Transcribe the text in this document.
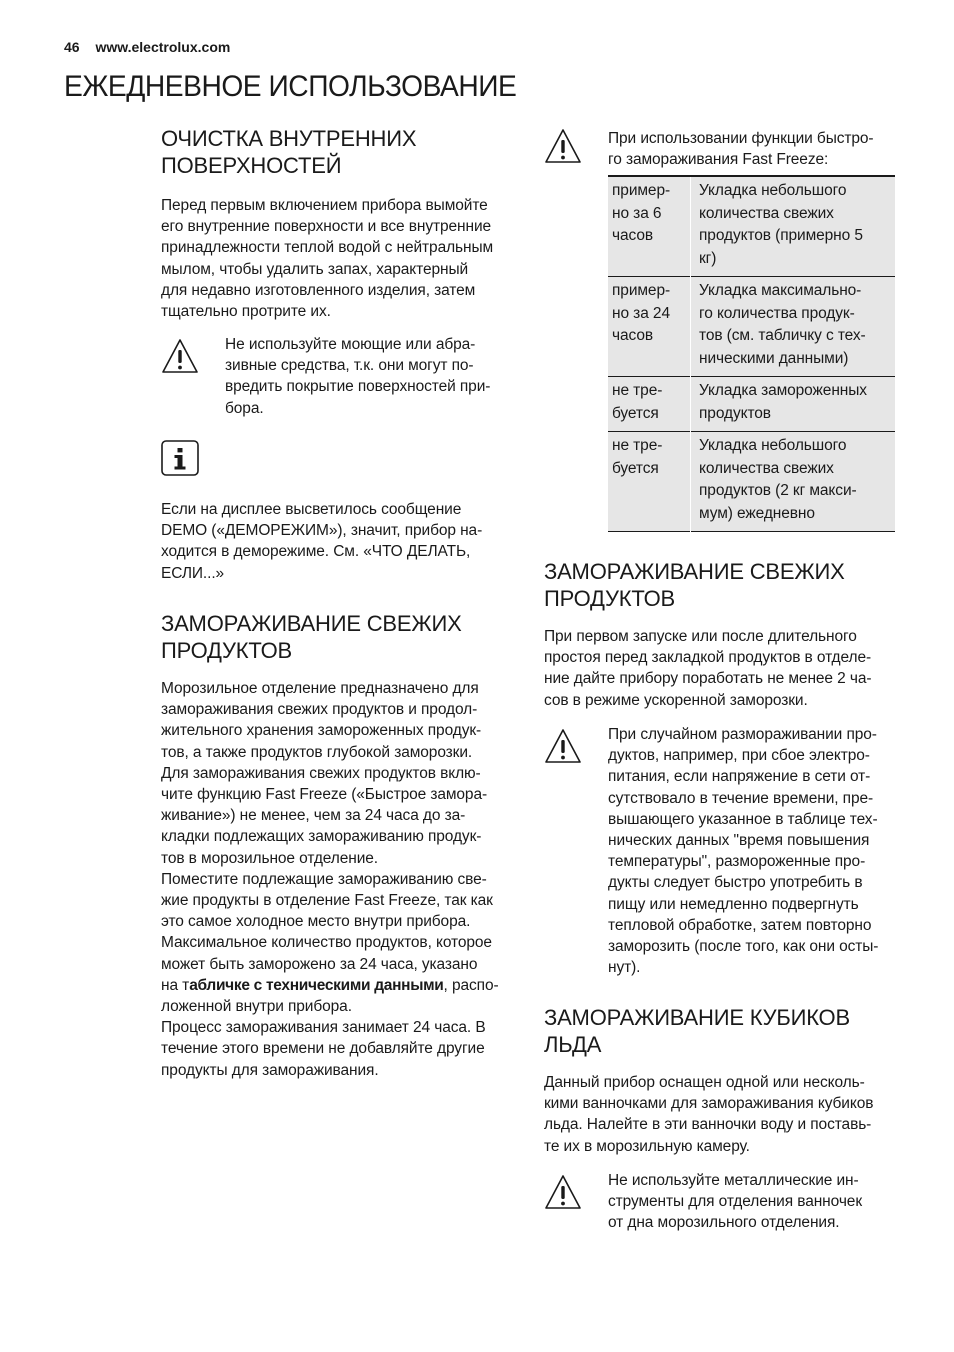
46 www.electrolux.com
ЕЖЕДНЕВНОЕ ИСПОЛЬЗОВАНИЕ
ОЧИСТКА ВНУТРЕННИХ
ПОВЕРХНОСТЕЙ

Перед первым включением прибора вымойте
его внутренние поверхности и все внутренние
принадлежности теплой водой с нейтральным
мылом, чтобы удалить запах, характерный
для недавно изготовленного изделия, затем
тщательно протрите их.

Не используйте моющие или абра-
зивные средства, т.к. они могут по-
вредить покрытие поверхностей при-
бора.

Если на дисплее высветилось сообщение
DEMO («ДЕМОРЕЖИМ»), значит, прибор на-
ходится в деморежиме. См. «ЧТО ДЕЛАТЬ,
ЕСЛИ...»

ЗАМОРАЖИВАНИЕ СВЕЖИХ
ПРОДУКТОВ

Морозильное отделение предназначено для
замораживания свежих продуктов и продол-
жительного хранения замороженных продук-
тов, а также продуктов глубокой заморозки.
Для замораживания свежих продуктов вклю-
чите функцию Fast Freeze («Быстрое замора-
живание») не менее, чем за 24 часа до за-
кладки подлежащих замораживанию продук-
тов в морозильное отделение.
Поместите подлежащие замораживанию све-
жие продукты в отделение Fast Freeze, так как
это самое холодное место внутри прибора.
Максимальное количество продуктов, которое
может быть заморожено за 24 часа, указано
на табличке с техническими данными, распо-
ложенной внутри прибора.
Процесс замораживания занимает 24 часа. В
течение этого времени не добавляйте другие
продукты для замораживания.

При использовании функции быстро-
го замораживания Fast Freeze:

пример-
но за 6
часов	Укладка небольшого
количества свежих
продуктов (примерно 5
кг)
пример-
но за 24
часов	Укладка максимально-
го количества продук-
тов (см. табличку с тех-
ническими данными)
не тре-
буется	Укладка замороженных
продуктов
не тре-
буется	Укладка небольшого
количества свежих
продуктов (2 кг макси-
мум) ежедневно
ЗАМОРАЖИВАНИЕ СВЕЖИХ
ПРОДУКТОВ

При первом запуске или после длительного
простоя перед закладкой продуктов в отделе-
ние дайте прибору поработать не менее 2 ча-
сов в режиме ускоренной заморозки.

При случайном размораживании про-
дуктов, например, при сбое электро-
питания, если напряжение в сети от-
сутствовало в течение времени, пре-
вышающего указанное в таблице тех-
нических данных "время повышения
температуры", размороженные про-
дукты следует быстро употребить в
пищу или немедленно подвергнуть
тепловой обработке, затем повторно
заморозить (после того, как они осты-
нут).

ЗАМОРАЖИВАНИЕ КУБИКОВ
ЛЬДА

Данный прибор оснащен одной или несколь-
кими ванночками для замораживания кубиков
льда. Налейте в эти ванночки воду и поставь-
те их в морозильную камеру.

Не используйте металлические ин-
струменты для отделения ванночек
от дна морозильного отделения.
